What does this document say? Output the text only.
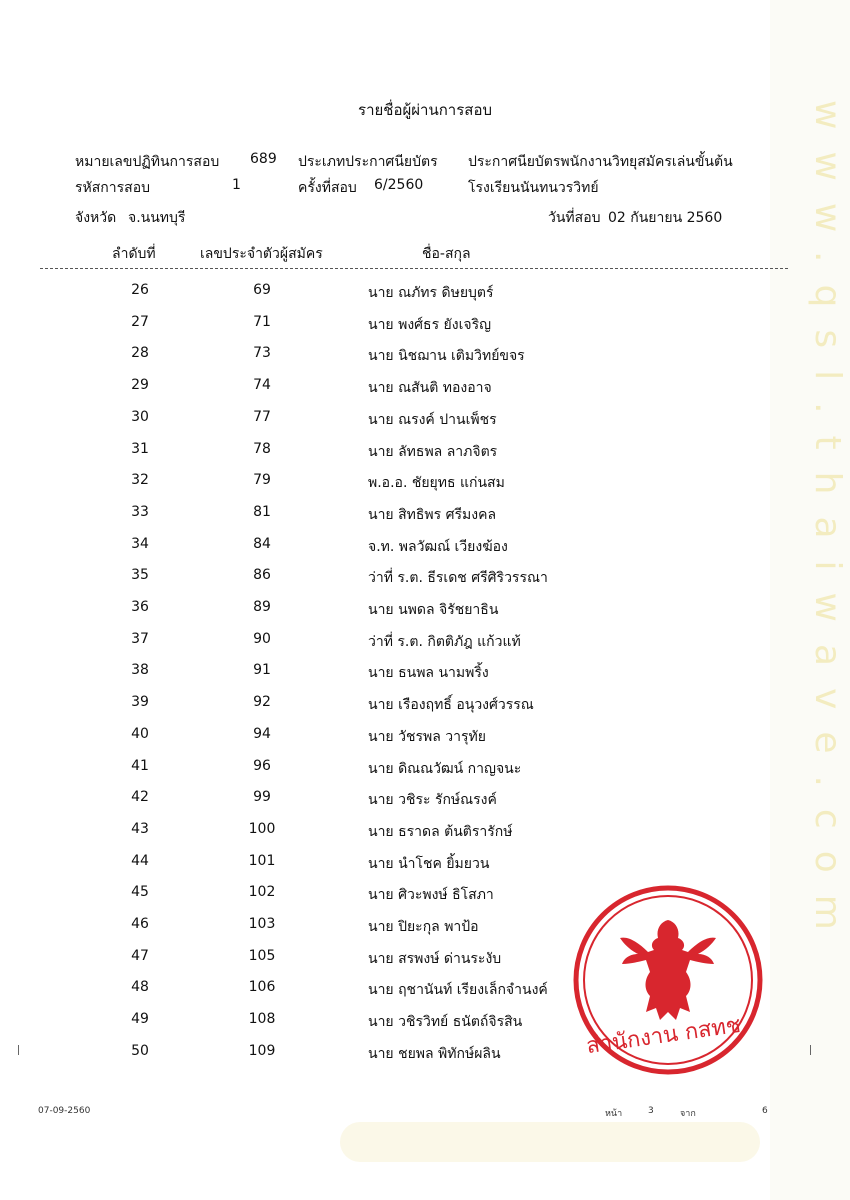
www.qsl.thaiwave.com
รายชื่อผู้ผ่านการสอบ
หมายเลขปฏิทินการสอบ 689 ประเภทประกาศนียบัตร ประกาศนียบัตรพนักงานวิทยุสมัครเล่นขั้นต้น
รหัสการสอบ	1	ครั้งที่สอบ 6/2560	โรงเรียนนันทนวรวิทย์
จังหวัด จ.นนทบุรี	วันที่สอบ 02 กันยายน 2560
ลำดับที่	เลขประจำตัวผู้สมัคร	ชื่อ-สกุล
26	69	นาย ณภัทร ดิษยบุตร์
27	71	นาย พงศ์ธร ยังเจริญ
28	73	นาย นิชฌาน เติมวิทย์ขจร
29	74	นาย ณสันติ ทองอาจ
30	77	นาย ณรงค์ ปานเพ็ชร
31	78	นาย ลัทธพล ลาภจิตร
32	79	พ.อ.อ. ชัยยุทธ แก่นสม
33	81	นาย สิทธิพร ศรีมงคล
34	84	จ.ท. พลวัฒณ์ เวียงฆ้อง
35	86	ว่าที่ ร.ต. ธีรเดช ศรีศิริวรรณา
36	89	นาย นพดล จิรัชยาธิน
37	90	ว่าที่ ร.ต. กิตติภัฎ แก้วแท้
38	91	นาย ธนพล นามพริ้ง
39	92	นาย เรืองฤทธิ์ อนุวงศ์วรรณ
40	94	นาย วัชรพล วารุทัย
41	96	นาย ดิณณวัฒน์ กาญจนะ
42	99	นาย วชิระ รักษ์ณรงค์
43	100	นาย ธราดล ต้นติรารักษ์
44	101	นาย นำโชค ยิ้มยวน
45	102	นาย ศิวะพงษ์ ธิโสภา
46	103	นาย ปิยะกุล พาป้อ
47	105	นาย สรพงษ์ ด่านระงับ
48	106	นาย ฤชานันท์ เรียงเล็กจำนงค์
49	108	นาย วชิรวิทย์ ธนัตถ์จิรสิน
50	109	นาย ชยพล พิทักษ์ผลิน	สำนักงาน กสทช.
07-09-2560	หน้า	3	จาก	6
